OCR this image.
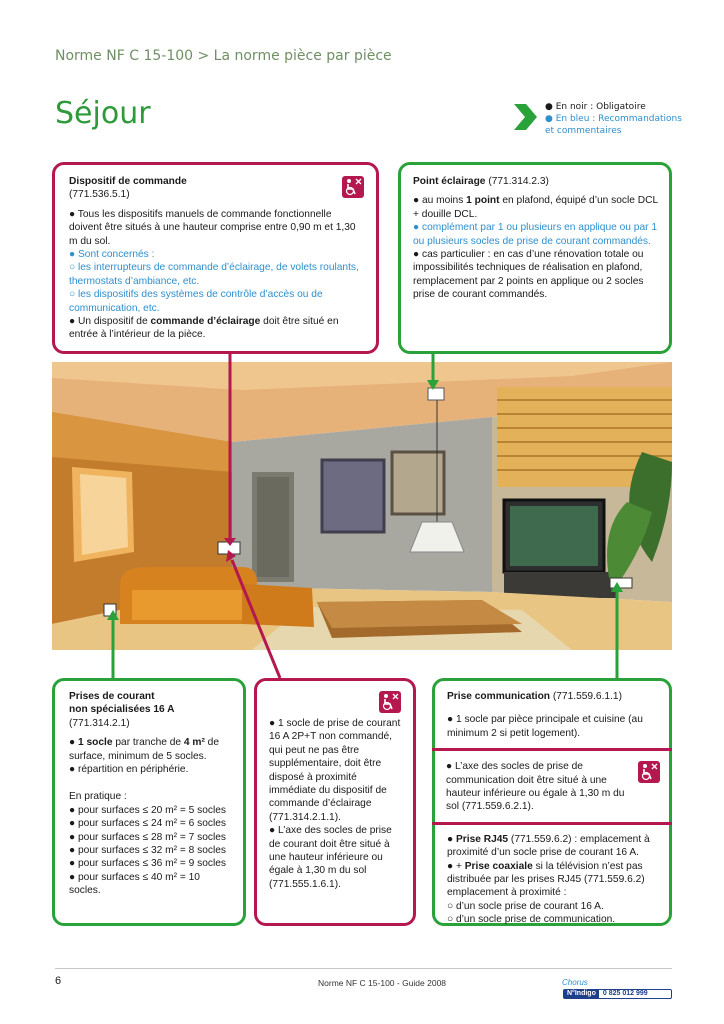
Norme NF C 15-100 > La norme pièce par pièce
Séjour	● En noir : Obligatoire
● En bleu : Recommandations
et commentaires

Dispositif de commande

(771.536.5.1)

● Tous les dispositifs manuels de commande fonctionnelle doivent être situés à une hauteur comprise entre 0,90 m et 1,30 m du sol.

● Sont concernés :

○ les interrupteurs de commande d’éclairage, de volets roulants, thermostats d’ambiance, etc.

○ les dispositifs des systèmes de contrôle d’accès ou de communication, etc.

● Un dispositif de commande d’éclairage doit être situé en entrée à l’intérieur de la pièce.

Point éclairage (771.314.2.3)

● au moins 1 point en plafond, équipé d’un socle DCL + douille DCL.

● complément par 1 ou plusieurs en applique ou par 1 ou plusieurs socles de prise de courant commandés.

● cas particulier : en cas d’une rénovation totale ou impossibilités techniques de réalisation en plafond, remplacement par 2 points en applique ou 2 socles prise de courant commandés.

Prises de courant

non spécialisées 16 A

(771.314.2.1)

● 1 socle par tranche de 4 m² de surface, minimum de 5 socles.

● répartition en périphérie.

En pratique :

● pour surfaces ≤ 20 m² = 5 socles

● pour surfaces ≤ 24 m² = 6 socles

● pour surfaces ≤ 28 m² = 7 socles

● pour surfaces ≤ 32 m² = 8 socles

● pour surfaces ≤ 36 m² = 9 socles

● pour surfaces ≤ 40 m² = 10 socles.

● 1 socle de prise de courant 16 A 2P+T non commandé, qui peut ne pas être supplémentaire, doit être disposé à proximité immédiate du dispositif de commande d’éclairage (771.314.2.1.1).

● L’axe des socles de prise de courant doit être situé à une hauteur inférieure ou égale à 1,30 m du sol (771.555.1.6.1).

Prise communication (771.559.6.1.1)

● 1 socle par pièce principale et cuisine (au minimum 2 si petit logement).

● L’axe des socles de prise de communication doit être situé à une hauteur inférieure ou égale à 1,30 m du sol (771.559.6.2.1).

● Prise RJ45 (771.559.6.2) : emplacement à proximité d’un socle prise de courant 16 A.

● + Prise coaxiale si la télévision n’est pas distribuée par les prises RJ45 (771.559.6.2) emplacement à proximité :

○ d’un socle prise de courant 16 A.

○ d’un socle prise de communication.

6	Norme NF C 15-100 - Guide 2008	Chorus
N°Indigo	0 825 012 999
